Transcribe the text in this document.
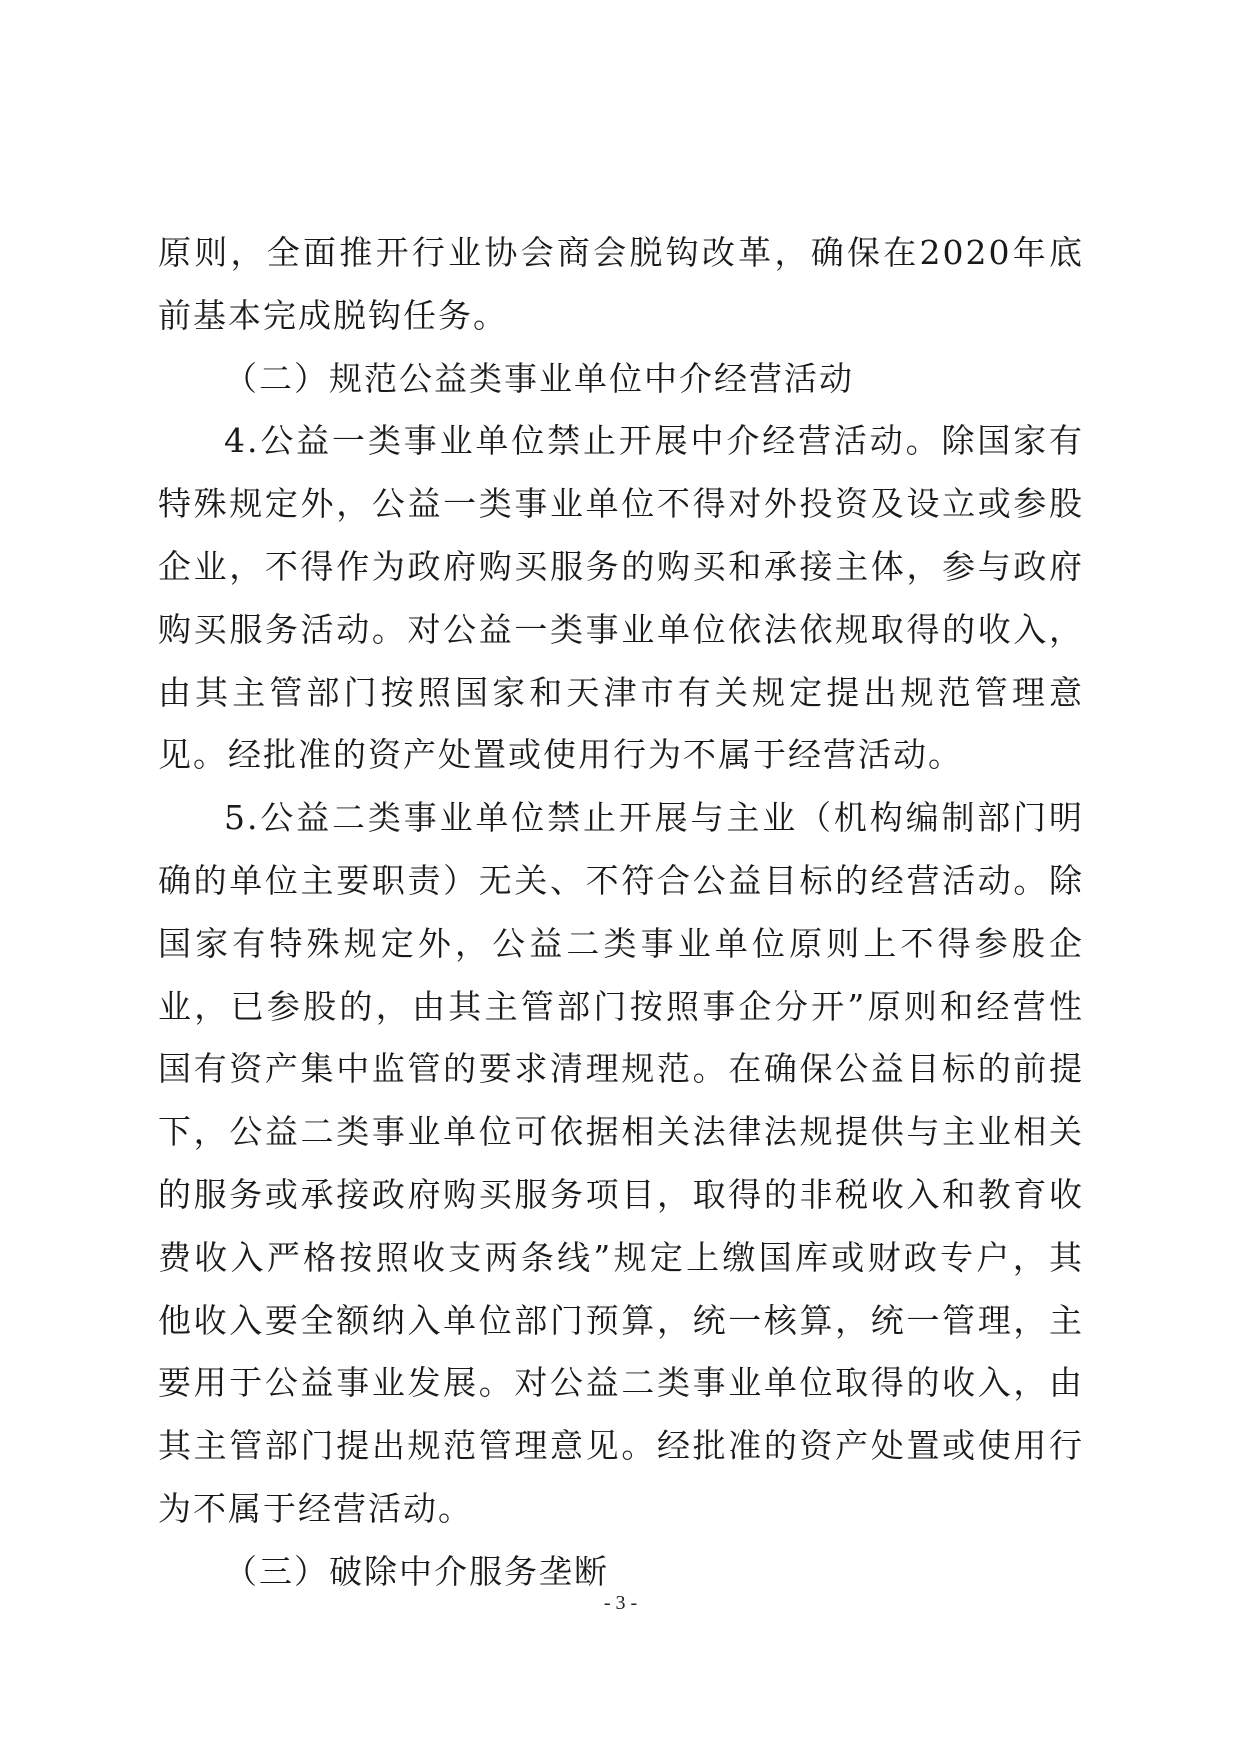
原则，全面推开行业协会商会脱钩改革，确保在2020年底前基本完成脱钩任务。

（二）规范公益类事业单位中介经营活动

4.公益一类事业单位禁止开展中介经营活动。除国家有特殊规定外，公益一类事业单位不得对外投资及设立或参股企业，不得作为政府购买服务的购买和承接主体，参与政府购买服务活动。对公益一类事业单位依法依规取得的收入，由其主管部门按照国家和天津市有关规定提出规范管理意见。经批准的资产处置或使用行为不属于经营活动。

5.公益二类事业单位禁止开展与主业（机构编制部门明确的单位主要职责）无关、不符合公益目标的经营活动。除国家有特殊规定外，公益二类事业单位原则上不得参股企业，已参股的，由其主管部门按照事企分开”原则和经营性国有资产集中监管的要求清理规范。在确保公益目标的前提下，公益二类事业单位可依据相关法律法规提供与主业相关的服务或承接政府购买服务项目，取得的非税收入和教育收费收入严格按照收支两条线”规定上缴国库或财政专户，其他收入要全额纳入单位部门预算，统一核算，统一管理，主要用于公益事业发展。对公益二类事业单位取得的收入，由其主管部门提出规范管理意见。经批准的资产处置或使用行为不属于经营活动。

（三）破除中介服务垄断

- 3 -
